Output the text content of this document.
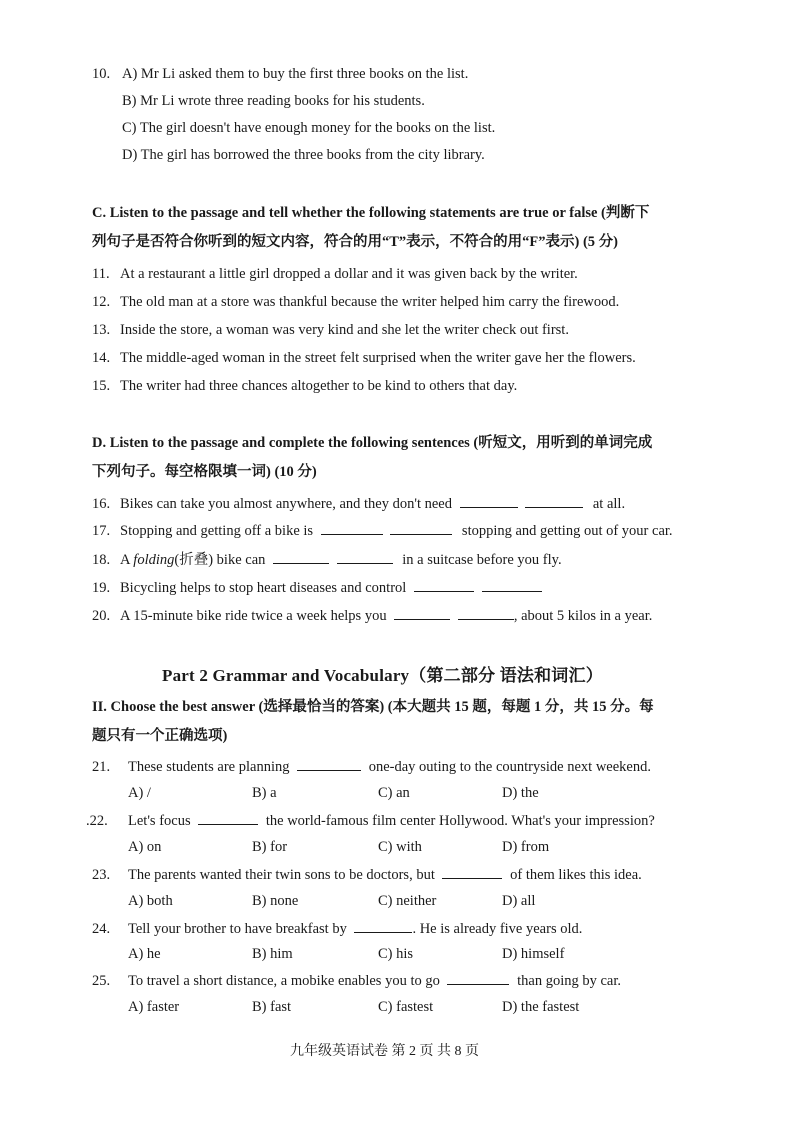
10. A) Mr Li asked them to buy the first three books on the list.
B) Mr Li wrote three reading books for his students.
C) The girl doesn't have enough money for the books on the list.
D) The girl has borrowed the three books from the city library.
C. Listen to the passage and tell whether the following statements are true or false (判断下
列句子是否符合你听到的短文内容，符合的用“T”表示，不符合的用“F”表示) (5 分)
11. At a restaurant a little girl dropped a dollar and it was given back by the writer.
12. The old man at a store was thankful because the writer helped him carry the firewood.
13. Inside the store, a woman was very kind and she let the writer check out first.
14. The middle-aged woman in the street felt surprised when the writer gave her the flowers.
15. The writer had three chances altogether to be kind to others that day.
D. Listen to the passage and complete the following sentences (听短文，用听到的单词完成
下列句子。每空格限填一词) (10 分)
16. Bikes can take you almost anywhere, and they don't need	at all.
17. Stopping and getting off a bike is	stopping and getting out of your car.
18. A folding(折叠) bike can	in a suitcase before you fly.
19. Bicycling helps to stop heart diseases and control
20. A 15-minute bike ride twice a week helps you	, about 5 kilos in a year.
Part 2 Grammar and Vocabulary（第二部分 语法和词汇）
II. Choose the best answer (选择最恰当的答案) (本大题共 15 题，每题 1 分，共 15 分。每
题只有一个正确选项)
21. These students are planning	one-day outing to the countryside next weekend.
A) /	B) a	C) an	D) the
.22. Let's focus	the world-famous film center Hollywood. What's your impression?
A) on	B) for	C) with	D) from
23. The parents wanted their twin sons to be doctors, but	of them likes this idea.
A) both	B) none	C) neither	D) all
24. Tell your brother to have breakfast by	. He is already five years old.
A) he	B) him	C) his	D) himself
25. To travel a short distance, a mobike enables you to go	than going by car.
A) faster	B) fast	C) fastest	D) the fastest
九年级英语试卷 第 2 页 共 8 页
